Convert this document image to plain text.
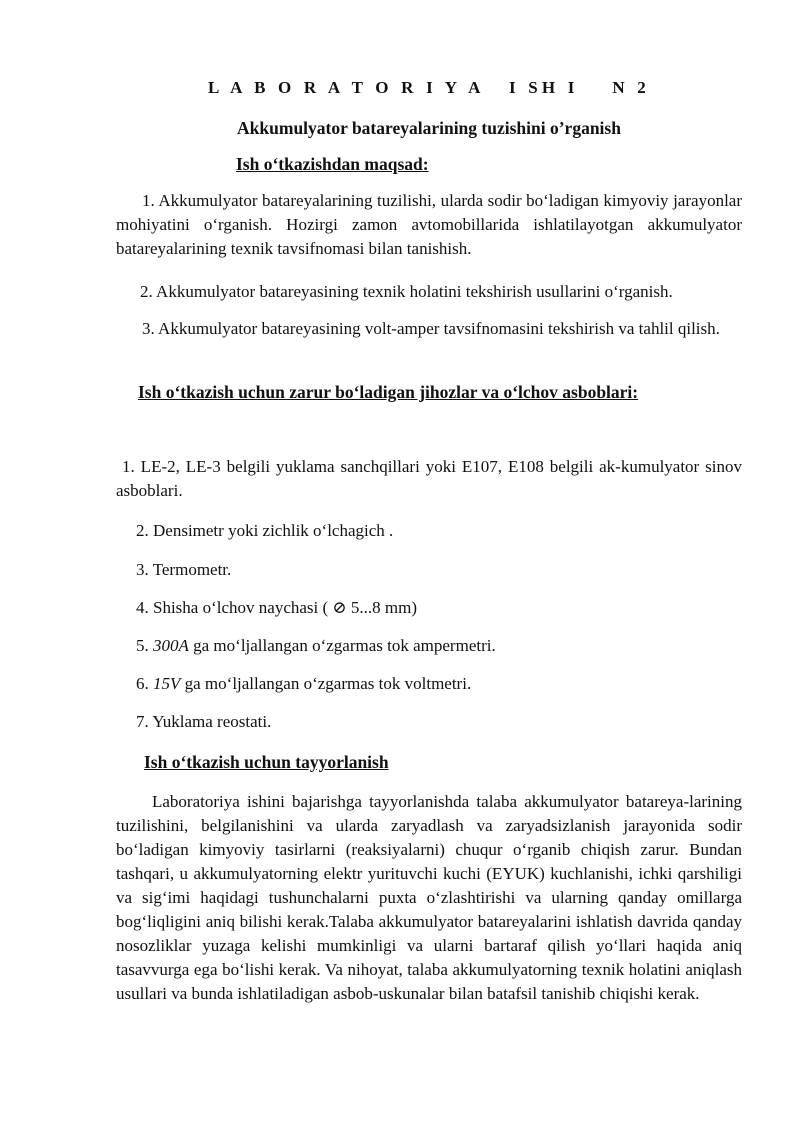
L A B O R A T O R I Y A   I SH I    N 2
Akkumulyator batareyalarining tuzishini o’rganish
Ish o‘tkazishdan maqsad:
1. Akkumulyator batareyalarining tuzilishi, ularda sodir bo‘ladigan kimyoviy jarayonlar mohiyatini o‘rganish. Hozirgi zamon avtomobillarida ishlatilayotgan akkumulyator batareyalarining texnik tavsifnomasi bilan tanishish.
2. Akkumulyator batareyasining texnik holatini tekshirish usullarini o‘rganish.
3. Akkumulyator batareyasining volt-amper tavsifnomasini tekshirish va tahlil qilish.
Ish o‘tkazish uchun zarur bo‘ladigan jihozlar va o‘lchov asboblari:
1. LE-2, LE-3 belgili yuklama sanchqillari yoki E107, E108 belgili ak-kumulyator sinov asboblari.
2. Densimetr yoki zichlik o‘lchagich .
3. Termometr.
4. Shisha o‘lchov naychasi ( ⊘ 5...8 mm)
5. 300A ga mo‘ljallangan o‘zgarmas tok ampermetri.
6. 15V ga mo‘ljallangan o‘zgarmas tok voltmetri.
7. Yuklama reostati.
Ish o‘tkazish uchun tayyorlanish
Laboratoriya ishini bajarishga tayyorlanishda talaba akkumulyator batareya-larining tuzilishini, belgilanishini va ularda zaryadlash va zaryadsizlanish jarayonida sodir bo‘ladigan kimyoviy tasirlarni (reaksiyalarni) chuqur o‘rganib chiqish zarur. Bundan tashqari, u akkumulyatorning elektr yurituvchi kuchi (EYUK) kuchlanishi, ichki qarshiligi va sig‘imi haqidagi tushunchalarni puxta o‘zlashtirishi va ularning qanday omillarga bog‘liqligini aniq bilishi kerak.Talaba akkumulyator batareyalarini ishlatish davrida qanday nosozliklar yuzaga kelishi mumkinligi va ularni bartaraf qilish yo‘llari haqida aniq tasavvurga ega bo‘lishi kerak. Va nihoyat, talaba akkumulyatorning texnik holatini aniqlash usullari va bunda ishlatiladigan asbob-uskunalar bilan batafsil tanishib chiqishi kerak.
